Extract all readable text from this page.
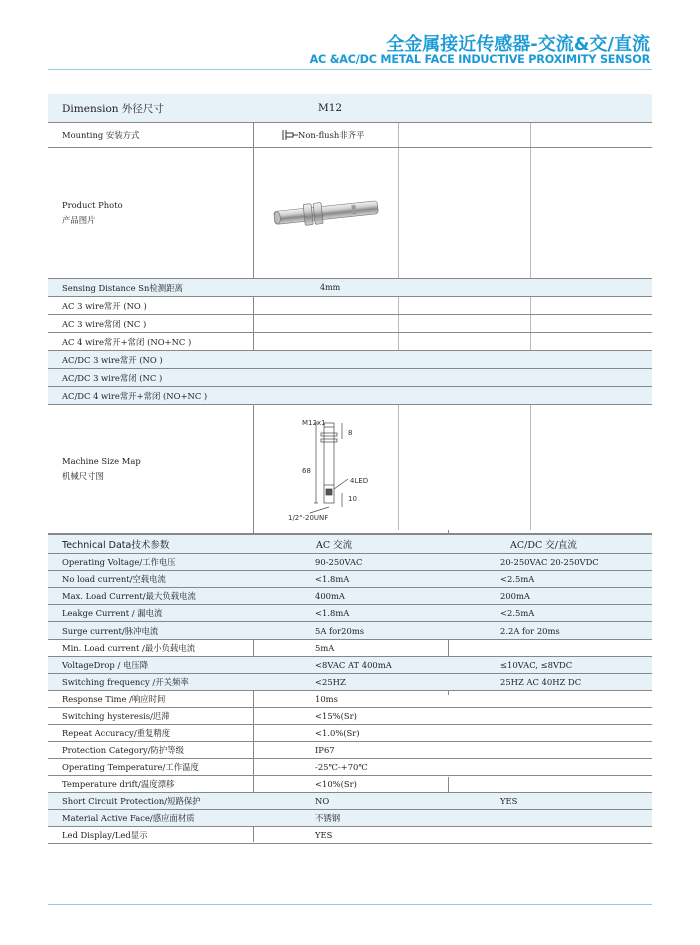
全金属接近传感器-交流&交/直流
AC &AC/DC METAL FACE INDUCTIVE PROXIMITY SENSOR
Dimension 外径尺寸	M12
Mounting 安装方式	Non-flush非齐平
Product Photo
产品图片
Sensing Distance Sn检测距离	4mm
AC 3 wire常开 (NO )
AC 3 wire常闭 (NC )
AC 4 wire常开+常闭 (NO+NC )
AC/DC 3 wire常开 (NO )
AC/DC 3 wire常闭 (NC )
AC/DC 4 wire常开+常闭 (NO+NC )
Machine Size Map
机械尺寸图
M12x1
8
68
4LED
10
1/2"-20UNF
Technical Data技术参数	AC 交流	AC/DC 交/直流
Operating Voltage/工作电压	90-250VAC	20-250VAC 20-250VDC
No load current/空载电流	<1.8mA	<2.5mA
Max. Load Current/最大负载电流	400mA	200mA
Leakge Current / 漏电流	<1.8mA	<2.5mA
Surge current/脉冲电流	5A for20ms	2.2A for 20ms
Min. Load current /最小负载电流	5mA
VoltageDrop / 电压降	<8VAC AT 400mA	≤10VAC, ≤8VDC
Switching frequency /开关频率	<25HZ	25HZ AC 40HZ DC
Response Time /响应时间	10ms
Switching hysteresis/迟滞	<15%(Sr)
Repeat Accuracy/重复精度	<1.0%(Sr)
Protection Category/防护等级	IP67
Operating Temperature/工作温度	-25℃-+70℃
Temperature drift/温度漂移	<10%(Sr)
Short Circuit Protection/短路保护	NO	YES
Material Active Face/感应面材质	不锈钢
Led Display/Led显示	YES
